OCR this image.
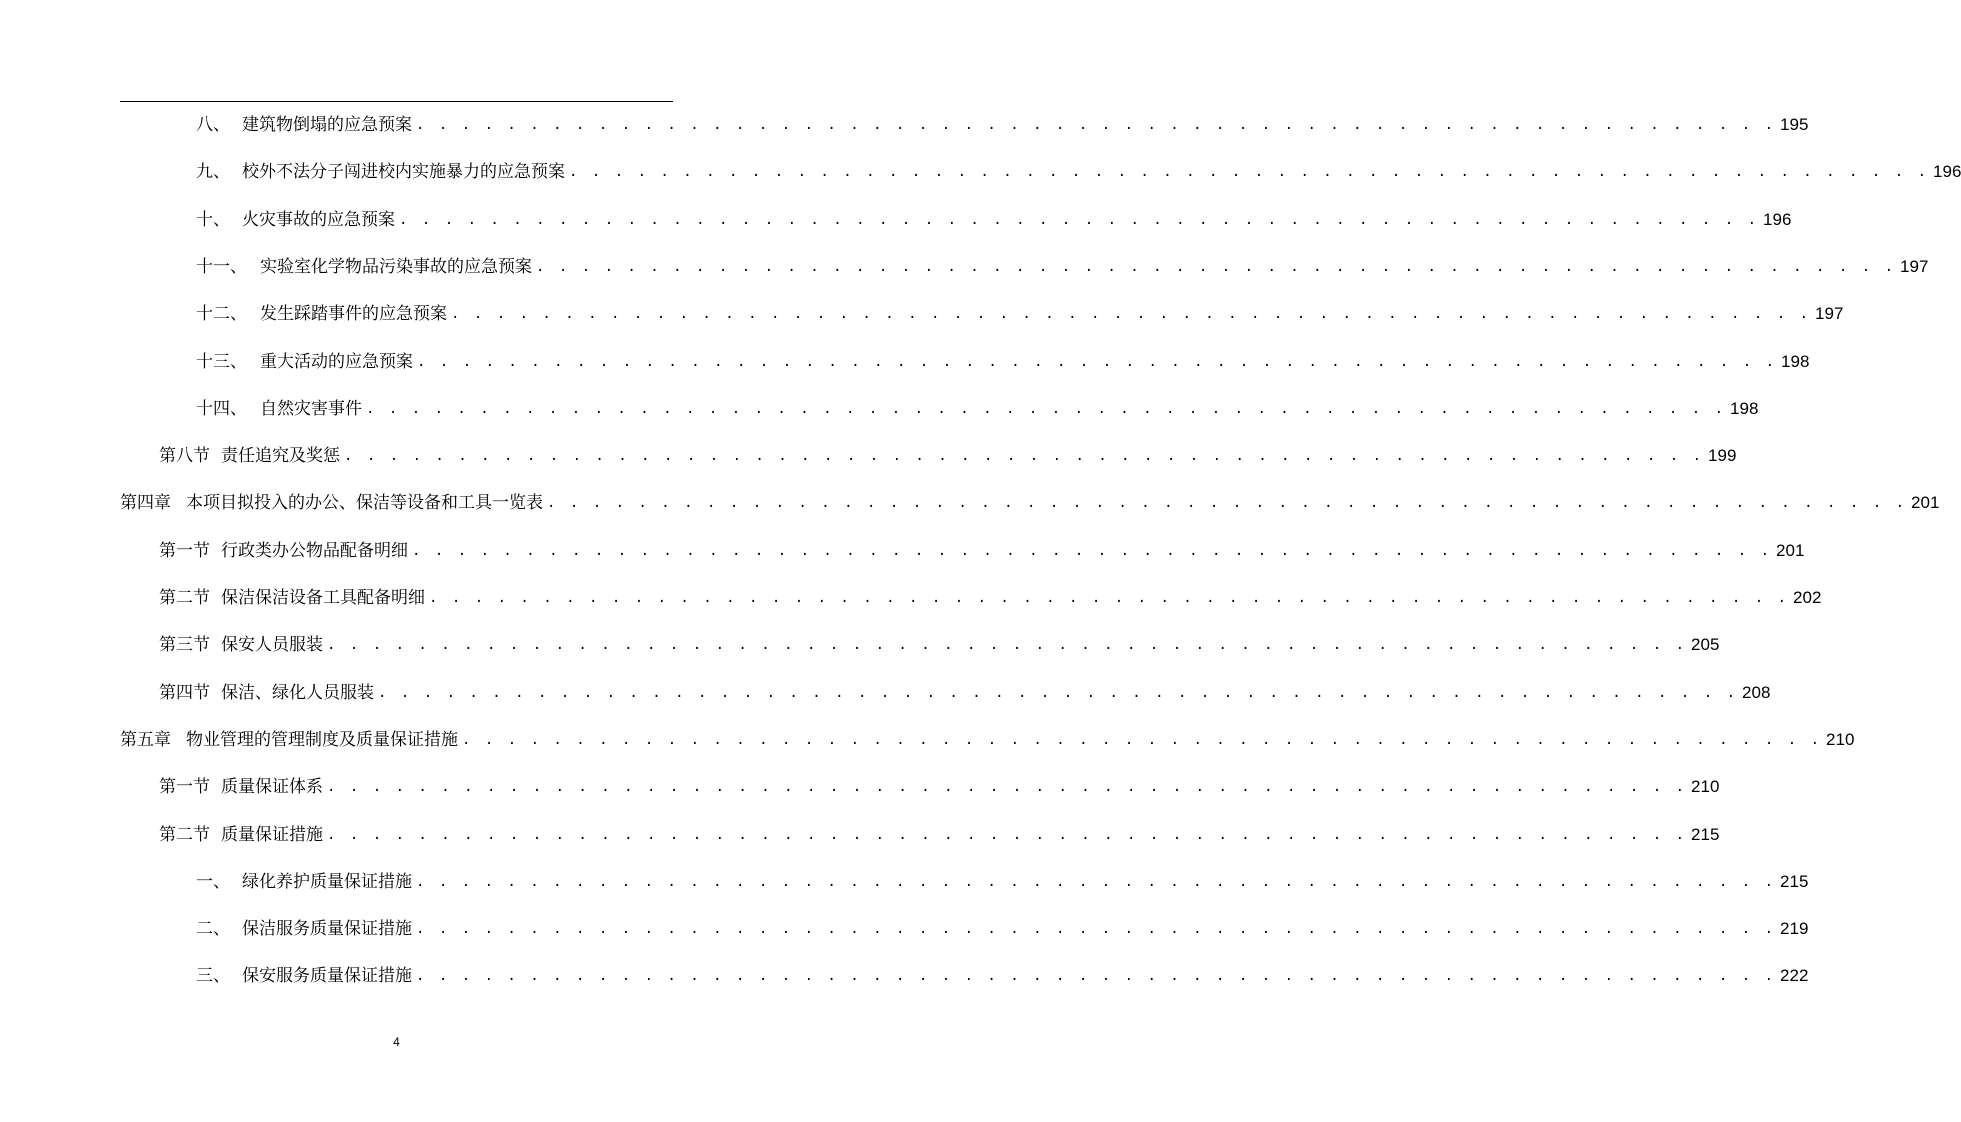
八、 建筑物倒塌的应急预案 . . . . . . . . . . . . . . . . . . . . . . . . . . . . . . . . . . . . . . . . . . . . . . . . . . . . . . . . . . . . 195
九、 校外不法分子闯进校内实施暴力的应急预案 . . . . . . . . . . . . . . . . . . . . . . . . . . . . . . . . . . . . . . . . . . . . . . . . . . . . . . . . . . . . 196
十、 火灾事故的应急预案 . . . . . . . . . . . . . . . . . . . . . . . . . . . . . . . . . . . . . . . . . . . . . . . . . . . . . . . . . . . . 196
十一、 实验室化学物品污染事故的应急预案 . . . . . . . . . . . . . . . . . . . . . . . . . . . . . . . . . . . . . . . . . . . . . . . . . . . . . . . . . . . . 197
十二、 发生踩踏事件的应急预案 . . . . . . . . . . . . . . . . . . . . . . . . . . . . . . . . . . . . . . . . . . . . . . . . . . . . . . . . . . . . 197
十三、 重大活动的应急预案 . . . . . . . . . . . . . . . . . . . . . . . . . . . . . . . . . . . . . . . . . . . . . . . . . . . . . . . . . . . . 198
十四、 自然灾害事件 . . . . . . . . . . . . . . . . . . . . . . . . . . . . . . . . . . . . . . . . . . . . . . . . . . . . . . . . . . . . 198
第八节 责任追究及奖惩 . . . . . . . . . . . . . . . . . . . . . . . . . . . . . . . . . . . . . . . . . . . . . . . . . . . . . . . . . . . . 199
第四章 本项目拟投入的办公、保洁等设备和工具一览表 . . . . . . . . . . . . . . . . . . . . . . . . . . . . . . . . . . . . . . . . . . . . . . . . . . . . . . . . . . . . 201
第一节 行政类办公物品配备明细 . . . . . . . . . . . . . . . . . . . . . . . . . . . . . . . . . . . . . . . . . . . . . . . . . . . . . . . . . . . . 201
第二节 保洁保洁设备工具配备明细 . . . . . . . . . . . . . . . . . . . . . . . . . . . . . . . . . . . . . . . . . . . . . . . . . . . . . . . . . . . . 202
第三节 保安人员服装 . . . . . . . . . . . . . . . . . . . . . . . . . . . . . . . . . . . . . . . . . . . . . . . . . . . . . . . . . . . . 205
第四节 保洁、绿化人员服装 . . . . . . . . . . . . . . . . . . . . . . . . . . . . . . . . . . . . . . . . . . . . . . . . . . . . . . . . . . . . 208
第五章 物业管理的管理制度及质量保证措施 . . . . . . . . . . . . . . . . . . . . . . . . . . . . . . . . . . . . . . . . . . . . . . . . . . . . . . . . . . . . 210
第一节 质量保证体系 . . . . . . . . . . . . . . . . . . . . . . . . . . . . . . . . . . . . . . . . . . . . . . . . . . . . . . . . . . . . 210
第二节 质量保证措施 . . . . . . . . . . . . . . . . . . . . . . . . . . . . . . . . . . . . . . . . . . . . . . . . . . . . . . . . . . . . 215
一、 绿化养护质量保证措施 . . . . . . . . . . . . . . . . . . . . . . . . . . . . . . . . . . . . . . . . . . . . . . . . . . . . . . . . . . . . 215
二、 保洁服务质量保证措施 . . . . . . . . . . . . . . . . . . . . . . . . . . . . . . . . . . . . . . . . . . . . . . . . . . . . . . . . . . . . 219
三、 保安服务质量保证措施 . . . . . . . . . . . . . . . . . . . . . . . . . . . . . . . . . . . . . . . . . . . . . . . . . . . . . . . . . . . . 222
4
